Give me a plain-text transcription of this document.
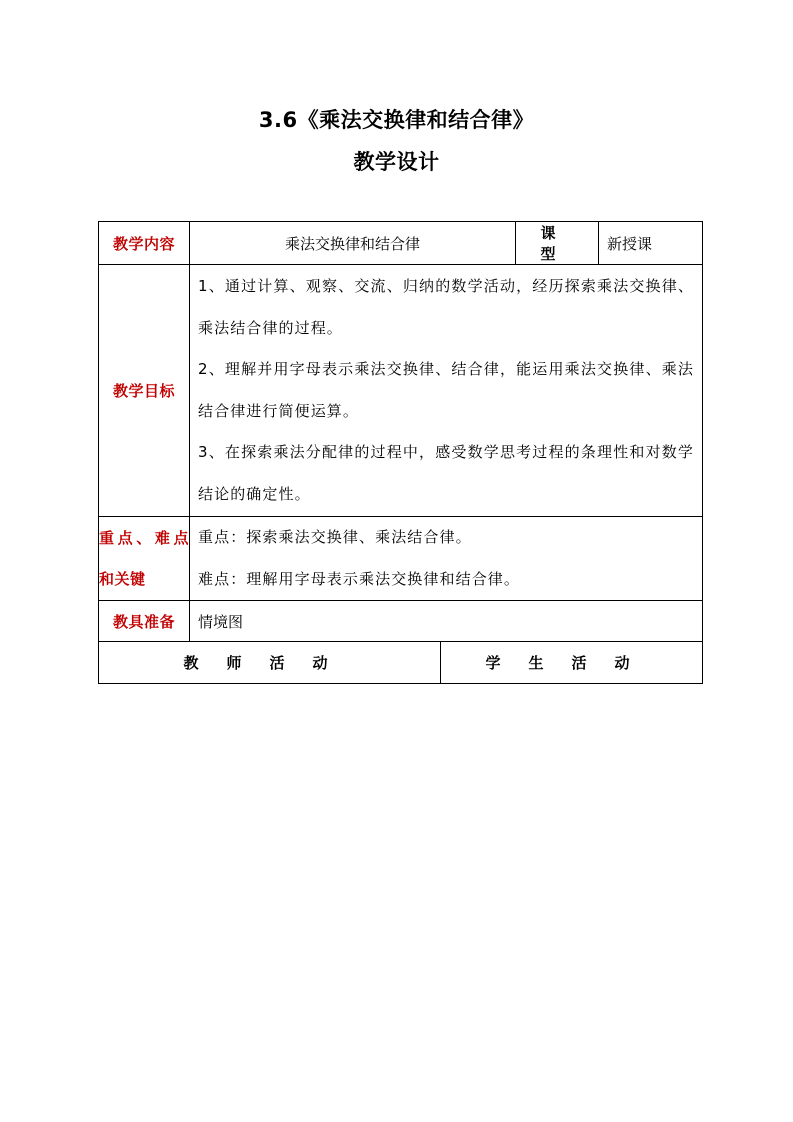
3.6《乘法交换律和结合律》
教学设计
教学内容	乘法交换律和结合律		课　型	新授课
教学目标	1、通过计算、观察、交流、归纳的数学活动，经历探索乘法交换律、乘法结合律的过程。
2、理解并用字母表示乘法交换律、结合律，能运用乘法交换律、乘法结合律进行简便运算。
3、在探索乘法分配律的过程中，感受数学思考过程的条理性和对数学结论的确定性。			

重点、难点和关键	重点：探索乘法交换律、乘法结合律。
难点：理解用字母表示乘法交换律和结合律。			

教具准备	情境图			
教师活动		学生活动		
